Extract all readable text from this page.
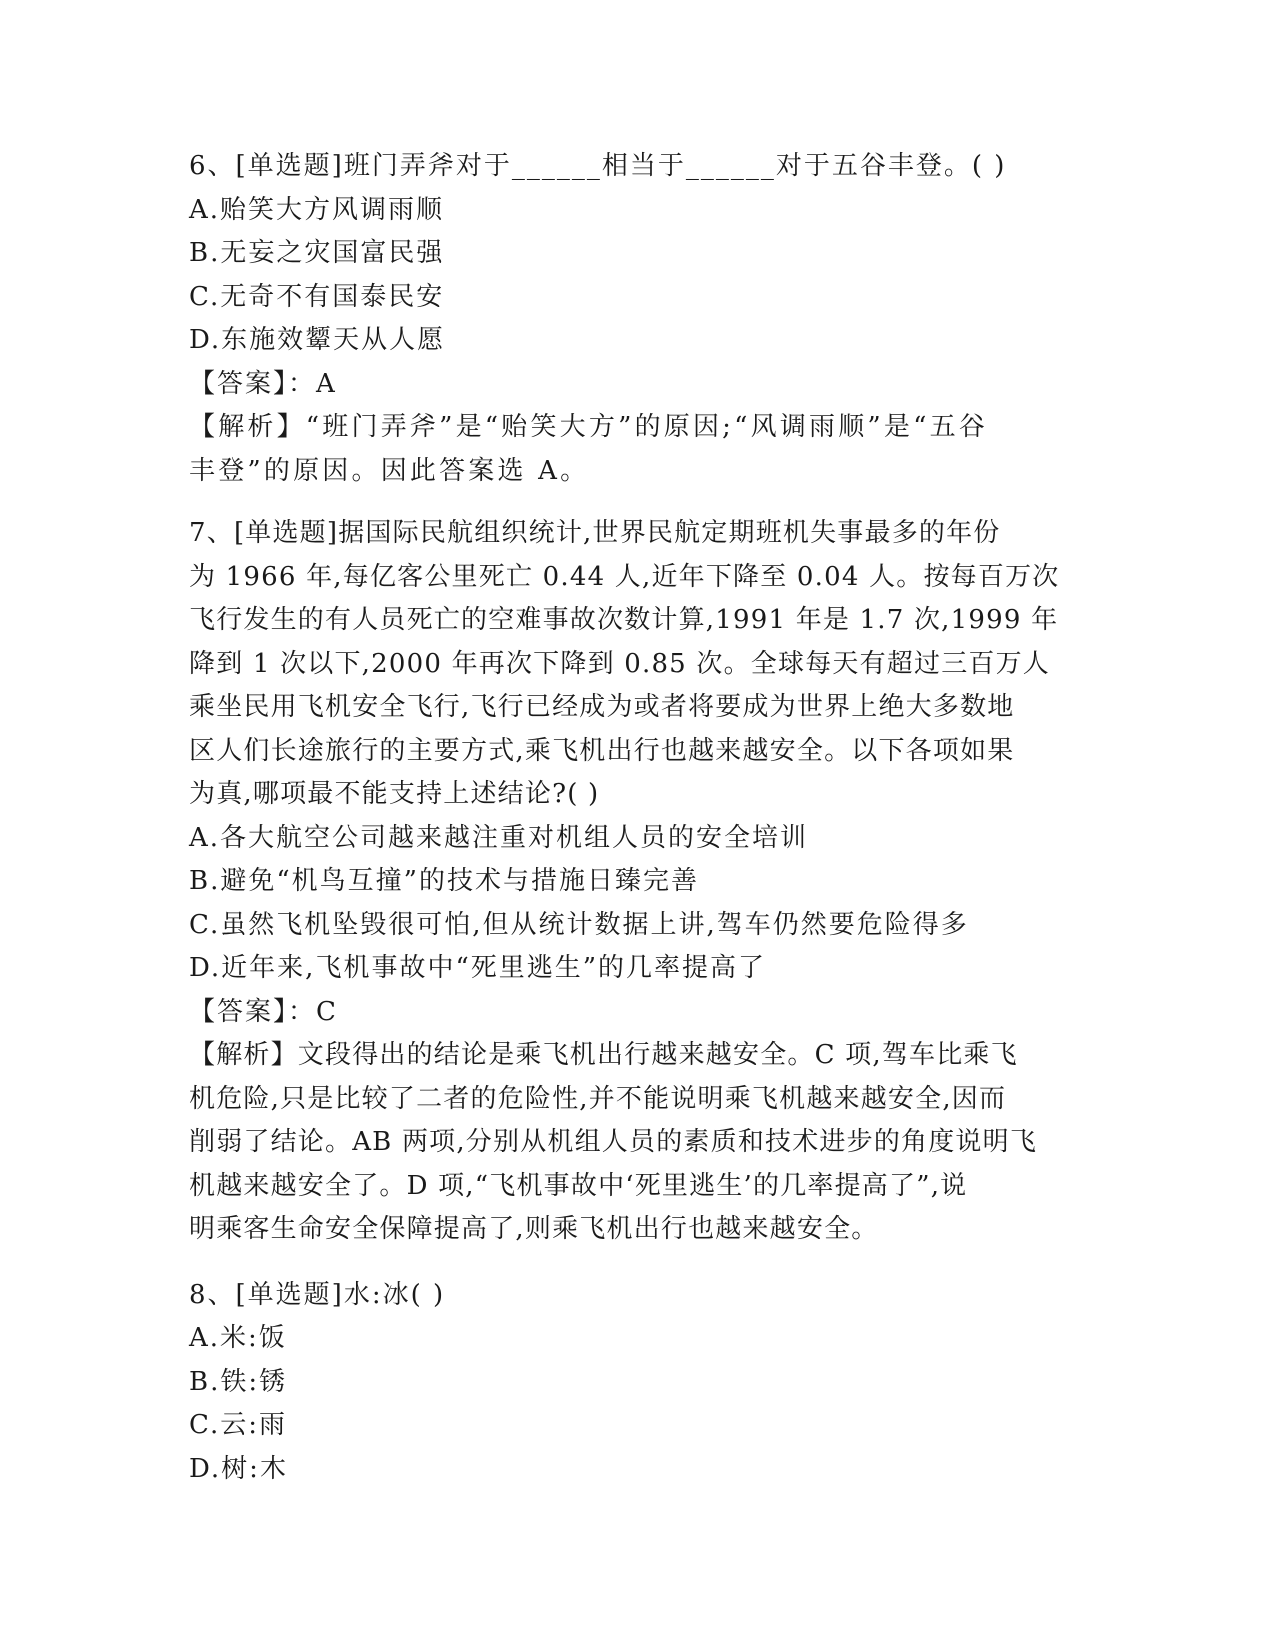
6、[单选题]班门弄斧对于______相当于______对于五谷丰登。( )
A.贻笑大方风调雨顺
B.无妄之灾国富民强
C.无奇不有国泰民安
D.东施效颦天从人愿
【答案】：A
【解析】“班门弄斧”是“贻笑大方”的原因;“风调雨顺”是“五谷
丰登”的原因。因此答案选 A。
7、[单选题]据国际民航组织统计,世界民航定期班机失事最多的年份
为 1966 年,每亿客公里死亡 0.44 人,近年下降至 0.04 人。按每百万次
飞行发生的有人员死亡的空难事故次数计算,1991 年是 1.7 次,1999 年
降到 1 次以下,2000 年再次下降到 0.85 次。全球每天有超过三百万人
乘坐民用飞机安全飞行,飞行已经成为或者将要成为世界上绝大多数地
区人们长途旅行的主要方式,乘飞机出行也越来越安全。以下各项如果
为真,哪项最不能支持上述结论?( )
A.各大航空公司越来越注重对机组人员的安全培训
B.避免“机鸟互撞”的技术与措施日臻完善
C.虽然飞机坠毁很可怕,但从统计数据上讲,驾车仍然要危险得多
D.近年来,飞机事故中“死里逃生”的几率提高了
【答案】：C
【解析】文段得出的结论是乘飞机出行越来越安全。C 项,驾车比乘飞
机危险,只是比较了二者的危险性,并不能说明乘飞机越来越安全,因而
削弱了结论。AB 两项,分别从机组人员的素质和技术进步的角度说明飞
机越来越安全了。D 项,“飞机事故中‘死里逃生’的几率提高了”,说
明乘客生命安全保障提高了,则乘飞机出行也越来越安全。
8、[单选题]水:冰( )
A.米:饭
B.铁:锈
C.云:雨
D.树:木
